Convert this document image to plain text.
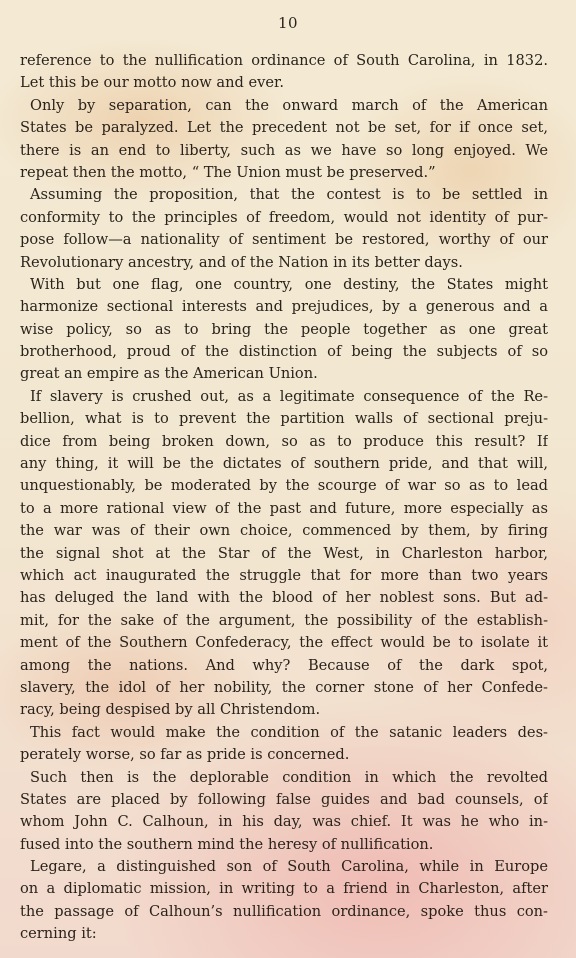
10
reference to the nullification ordinance of South Carolina, in 1832.
Let this be our motto now and ever.
Only by separation, can the onward march of the American
States be paralyzed. Let the precedent not be set, for if once set,
there is an end to liberty, such as we have so long enjoyed. We
repeat then the motto, “ The Union must be preserved.”
Assuming the proposition, that the contest is to be settled in
conformity to the principles of freedom, would not identity of pur-
pose follow—a nationality of sentiment be restored, worthy of our
Revolutionary ancestry, and of the Nation in its better days.
With but one flag, one country, one destiny, the States might
harmonize sectional interests and prejudices, by a generous and a
wise policy, so as to bring the people together as one great
brotherhood, proud of the distinction of being the subjects of so
great an empire as the American Union.
If slavery is crushed out, as a legitimate consequence of the Re-
bellion, what is to prevent the partition walls of sectional preju-
dice from being broken down, so as to produce this result? If
any thing, it will be the dictates of southern pride, and that will,
unquestionably, be moderated by the scourge of war so as to lead
to a more rational view of the past and future, more especially as
the war was of their own choice, commenced by them, by firing
the signal shot at the Star of the West, in Charleston harbor,
which act inaugurated the struggle that for more than two years
has deluged the land with the blood of her noblest sons. But ad-
mit, for the sake of the argument, the possibility of the establish-
ment of the Southern Confederacy, the effect would be to isolate it
among the nations. And why? Because of the dark spot,
slavery, the idol of her nobility, the corner stone of her Confede-
racy, being despised by all Christendom.
This fact would make the condition of the satanic leaders des-
perately worse, so far as pride is concerned.
Such then is the deplorable condition in which the revolted
States are placed by following false guides and bad counsels, of
whom John C. Calhoun, in his day, was chief. It was he who in-
fused into the southern mind the heresy of nullification.
Legare, a distinguished son of South Carolina, while in Europe
on a diplomatic mission, in writing to a friend in Charleston, after
the passage of Calhoun’s nullification ordinance, spoke thus con-
cerning it:
